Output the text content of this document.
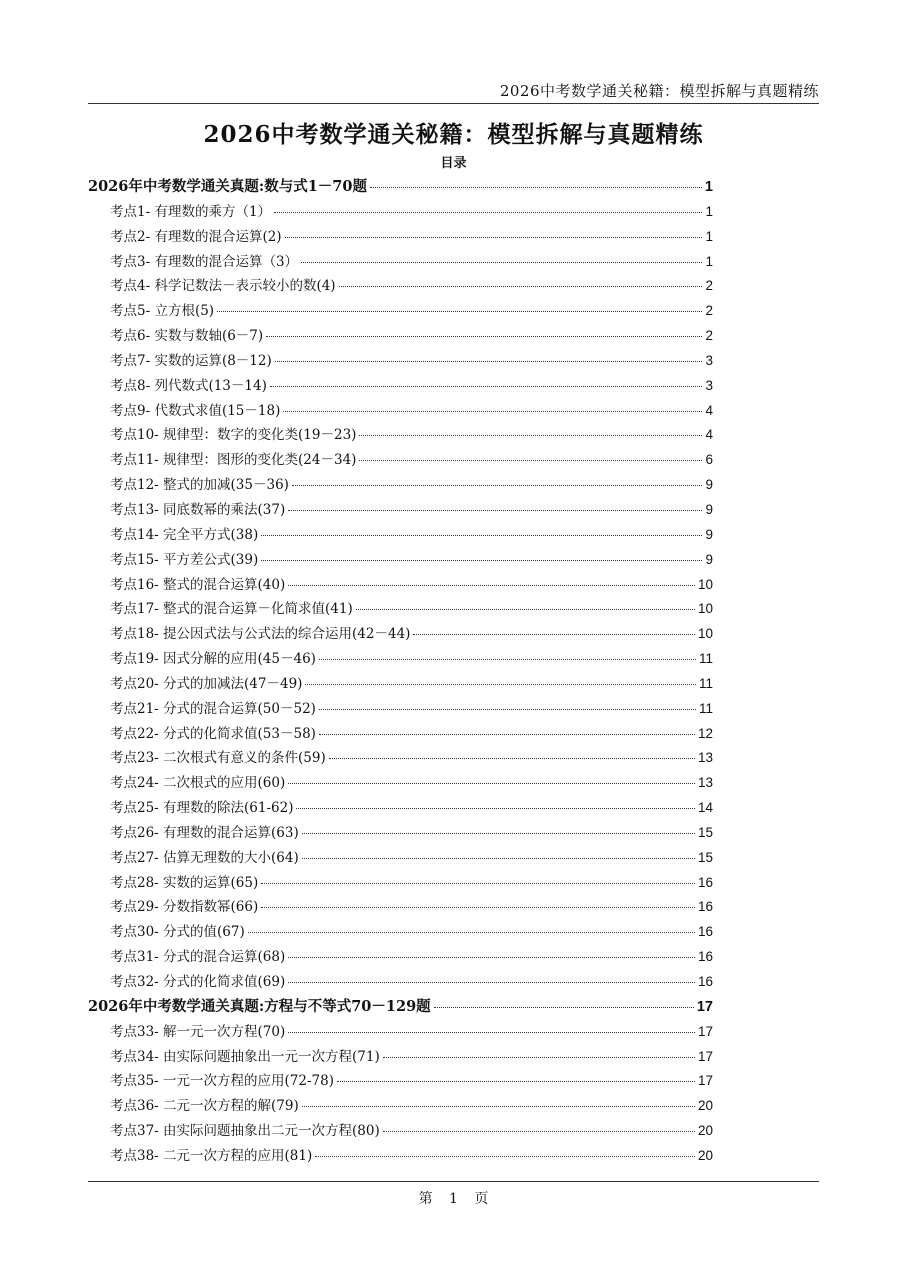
2026中考数学通关秘籍：模型拆解与真题精练
2026中考数学通关秘籍：模型拆解与真题精练
目录
2026年中考数学通关真题:数与式1－70题	1
考点1- 有理数的乘方（1）	1
考点2- 有理数的混合运算(2)	1
考点3- 有理数的混合运算（3）	1
考点4- 科学记数法－表示较小的数(4)	2
考点5- 立方根(5)	2
考点6- 实数与数轴(6－7)	2
考点7- 实数的运算(8－12)	3
考点8- 列代数式(13－14)	3
考点9- 代数式求值(15－18)	4
考点10- 规律型：数字的变化类(19－23)	4
考点11- 规律型：图形的变化类(24－34)	6
考点12- 整式的加减(35－36)	9
考点13- 同底数幂的乘法(37)	9
考点14- 完全平方式(38)	9
考点15- 平方差公式(39)	9
考点16- 整式的混合运算(40)	10
考点17- 整式的混合运算－化简求值(41)	10
考点18- 提公因式法与公式法的综合运用(42－44)	10
考点19- 因式分解的应用(45－46)	11
考点20- 分式的加减法(47－49)	11
考点21- 分式的混合运算(50－52)	11
考点22- 分式的化简求值(53－58)	12
考点23- 二次根式有意义的条件(59)	13
考点24- 二次根式的应用(60)	13
考点25- 有理数的除法(61-62)	14
考点26- 有理数的混合运算(63)	15
考点27- 估算无理数的大小(64)	15
考点28- 实数的运算(65)	16
考点29- 分数指数幂(66)	16
考点30- 分式的值(67)	16
考点31- 分式的混合运算(68)	16
考点32- 分式的化简求值(69)	16
2026年中考数学通关真题:方程与不等式70－129题	17
考点33- 解一元一次方程(70)	17
考点34- 由实际问题抽象出一元一次方程(71)	17
考点35- 一元一次方程的应用(72-78)	17
考点36- 二元一次方程的解(79)	20
考点37- 由实际问题抽象出二元一次方程(80)	20
考点38- 二元一次方程的应用(81)	20
第 1 页
